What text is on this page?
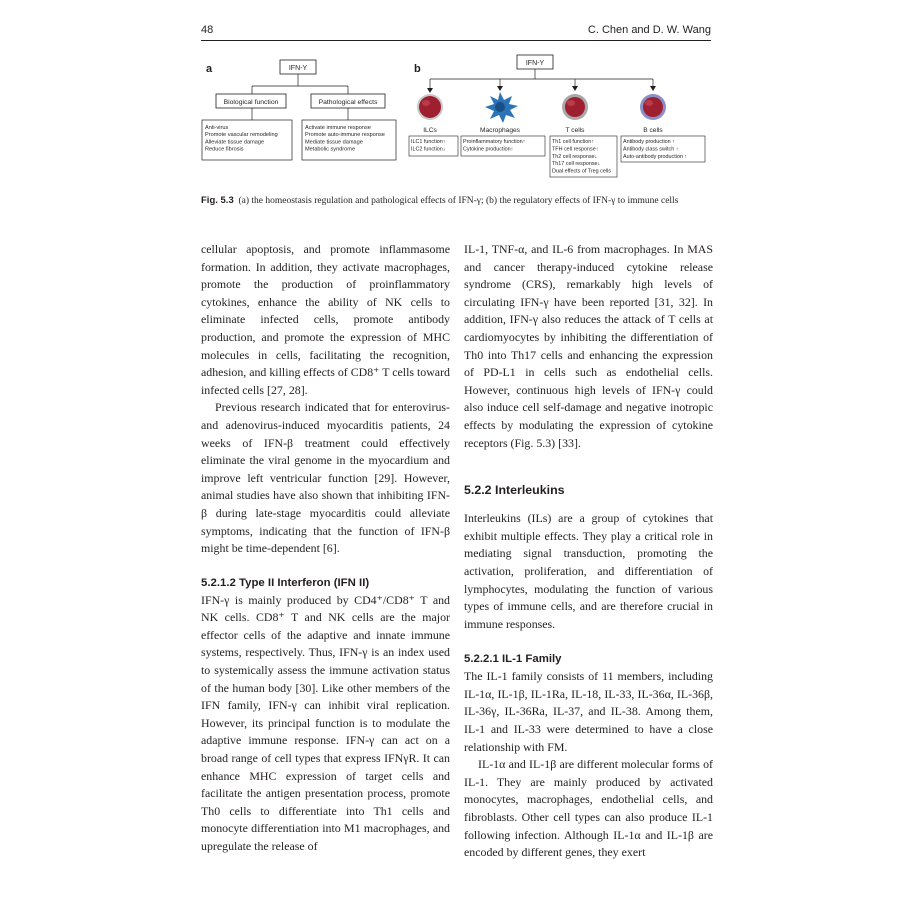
48	C. Chen and D. W. Wang
a	IFN-Y
Biological function	Pathological effects
Anti-virus
Promote vascular remodeling
Alleviate tissue damage
Reduce fibrosis
Activate immune response
Promote auto-immune response
Mediate tissue damage
Metabolic syndrome
b	IFN-Y
ILCs	Macrophages	T cells	B cells
ILC1 function↑
ILC2 function↓
Proinflammatory function↑
Cytokine production↑
Th1 cell function↑
TFH cell response↑
Th2 cell response↓
Th17 cell response↓
Dual effects of Treg cells
Antibody production ↑
Antibody class switch ↑
Auto-antibody production ↑
Fig. 5.3 (a) the homeostasis regulation and pathological effects of IFN-γ; (b) the regulatory effects of IFN-γ to immune cells

cellular apoptosis, and promote inflammasome formation. In addition, they activate macrophages, promote the production of proinflammatory cytokines, enhance the ability of NK cells to eliminate infected cells, promote antibody production, and promote the expression of MHC molecules in cells, facilitating the recognition, adhesion, and killing effects of CD8⁺ T cells toward infected cells [27, 28].

Previous research indicated that for enterovirus-and adenovirus-induced myocarditis patients, 24 weeks of IFN-β treatment could effectively eliminate the viral genome in the myocardium and improve left ventricular function [29]. However, animal studies have also shown that inhibiting IFN-β during late-stage myocarditis could alleviate symptoms, indicating that the function of IFN-β might be time-dependent [6].

5.2.1.2 Type II Interferon (IFN II)

IFN-γ is mainly produced by CD4⁺/CD8⁺ T and NK cells. CD8⁺ T and NK cells are the major effector cells of the adaptive and innate immune systems, respectively. Thus, IFN-γ is an index used to systemically assess the immune activation status of the human body [30]. Like other members of the IFN family, IFN-γ can inhibit viral replication. However, its principal function is to modulate the adaptive immune response. IFN-γ can act on a broad range of cell types that express IFNγR. It can enhance MHC expression of target cells and facilitate the antigen presentation process, promote Th0 cells to differentiate into Th1 cells and monocyte differentiation into M1 macrophages, and upregulate the release of

IL-1, TNF-α, and IL-6 from macrophages. In MAS and cancer therapy-induced cytokine release syndrome (CRS), remarkably high levels of circulating IFN-γ have been reported [31, 32]. In addition, IFN-γ also reduces the attack of T cells at cardiomyocytes by inhibiting the differentiation of Th0 into Th17 cells and enhancing the expression of PD-L1 in cells such as endothelial cells. However, continuous high levels of IFN-γ could also induce cell self-damage and negative inotropic effects by modulating the expression of cytokine receptors (Fig. 5.3) [33].

5.2.2 Interleukins

Interleukins (ILs) are a group of cytokines that exhibit multiple effects. They play a critical role in mediating signal transduction, promoting the activation, proliferation, and differentiation of lymphocytes, modulating the function of various types of immune cells, and are therefore crucial in immune responses.

5.2.2.1 IL-1 Family

The IL-1 family consists of 11 members, including IL-1α, IL-1β, IL-1Ra, IL-18, IL-33, IL-36α, IL-36β, IL-36γ, IL-36Ra, IL-37, and IL-38. Among them, IL-1 and IL-33 were determined to have a close relationship with FM.

IL-1α and IL-1β are different molecular forms of IL-1. They are mainly produced by activated monocytes, macrophages, endothelial cells, and fibroblasts. Other cell types can also produce IL-1 following infection. Although IL-1α and IL-1β are encoded by different genes, they exert
